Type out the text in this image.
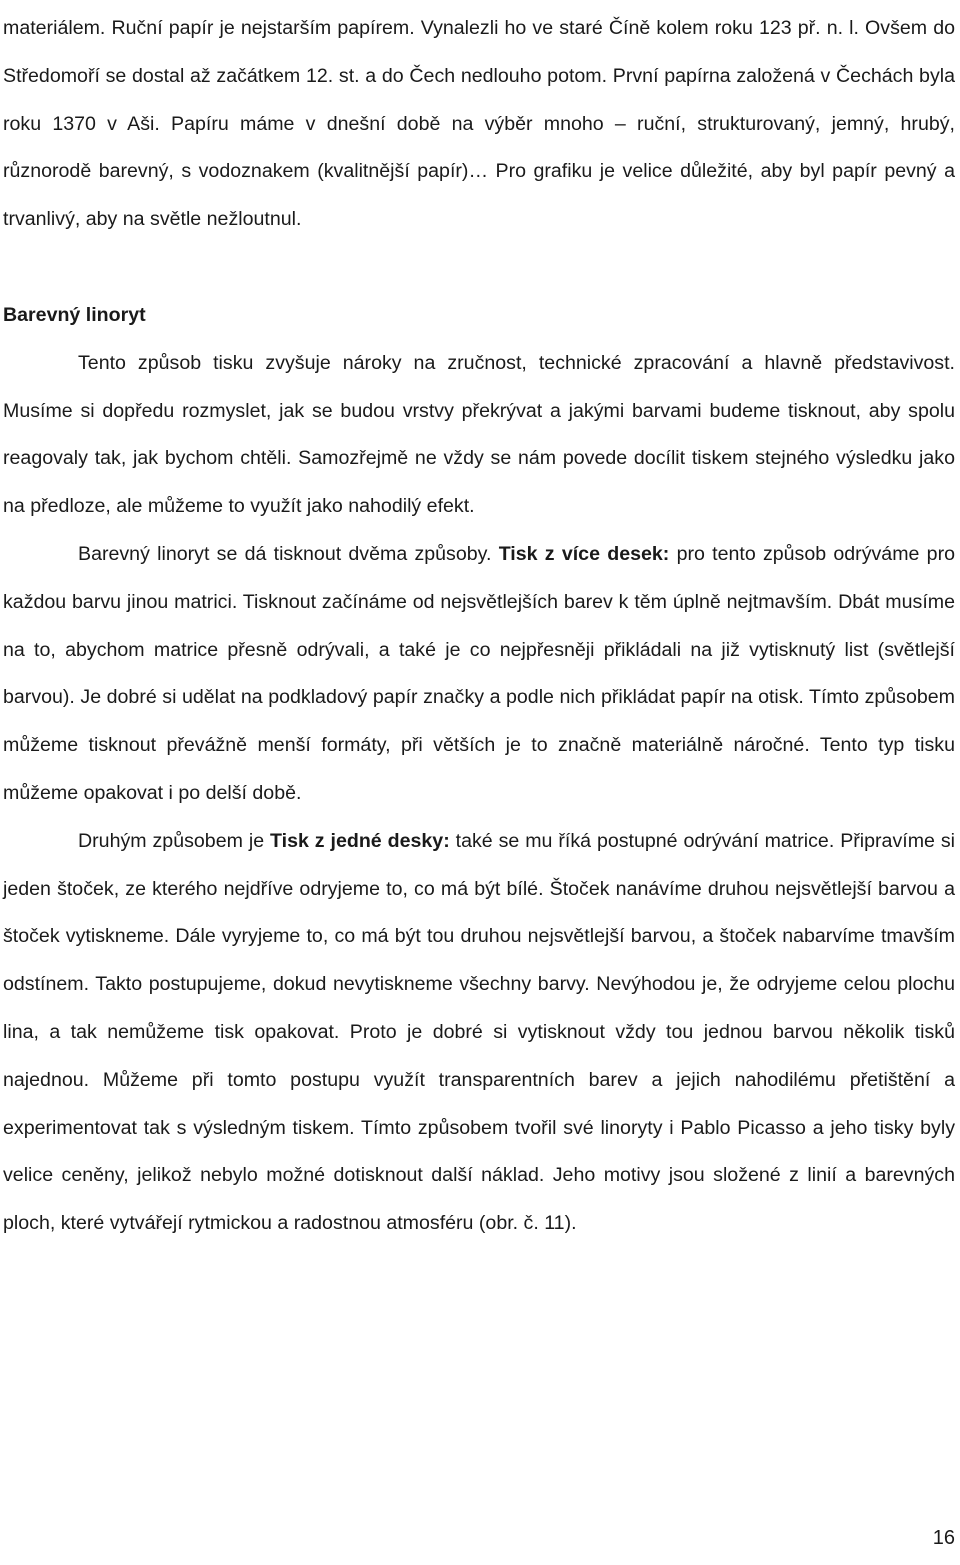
materiálem. Ruční papír je nejstarším papírem. Vynalezli ho ve staré Číně kolem roku 123 př. n. l. Ovšem do Středomoří se dostal až začátkem 12. st. a do Čech nedlouho potom. První papírna založená v Čechách byla roku 1370 v Aši. Papíru máme v dnešní době na výběr mnoho – ruční, strukturovaný, jemný, hrubý, různorodě barevný, s vodoznakem (kvalitnější papír)… Pro grafiku je velice důležité, aby byl papír pevný a trvanlivý, aby na světle nežloutnul.

Barevný linoryt

Tento způsob tisku zvyšuje nároky na zručnost, technické zpracování a hlavně představivost. Musíme si dopředu rozmyslet, jak se budou vrstvy překrývat a jakými barvami budeme tisknout, aby spolu reagovaly tak, jak bychom chtěli. Samozřejmě ne vždy se nám povede docílit tiskem stejného výsledku jako na předloze, ale můžeme to využít jako nahodilý efekt.

Barevný linoryt se dá tisknout dvěma způsoby. Tisk z více desek: pro tento způsob odrýváme pro každou barvu jinou matrici. Tisknout začínáme od nejsvětlejších barev k těm úplně nejtmavším. Dbát musíme na to, abychom matrice přesně odrývali, a také je co nejpřesněji přikládali na již vytisknutý list (světlejší barvou). Je dobré si udělat na podkladový papír značky a podle nich přikládat papír na otisk. Tímto způsobem můžeme tisknout převážně menší formáty, při větších je to značně materiálně náročné. Tento typ tisku můžeme opakovat i po delší době.

Druhým způsobem je Tisk z jedné desky: také se mu říká postupné odrývání matrice. Připravíme si jeden štoček, ze kterého nejdříve odryjeme to, co má být bílé. Štoček nanávíme druhou nejsvětlejší barvou a štoček vytiskneme. Dále vyryjeme to, co má být tou druhou nejsvětlejší barvou, a štoček nabarvíme tmavším odstínem. Takto postupujeme, dokud nevytiskneme všechny barvy. Nevýhodou je, že odryjeme celou plochu lina, a tak nemůžeme tisk opakovat. Proto je dobré si vytisknout vždy tou jednou barvou několik tisků najednou. Můžeme při tomto postupu využít transparentních barev a jejich nahodilému přetištění a experimentovat tak s výsledným tiskem. Tímto způsobem tvořil své linoryty i Pablo Picasso a jeho tisky byly velice ceněny, jelikož nebylo možné dotisknout další náklad. Jeho motivy jsou složené z linií a barevných ploch, které vytvářejí rytmickou a radostnou atmosféru (obr. č. 11).

16
